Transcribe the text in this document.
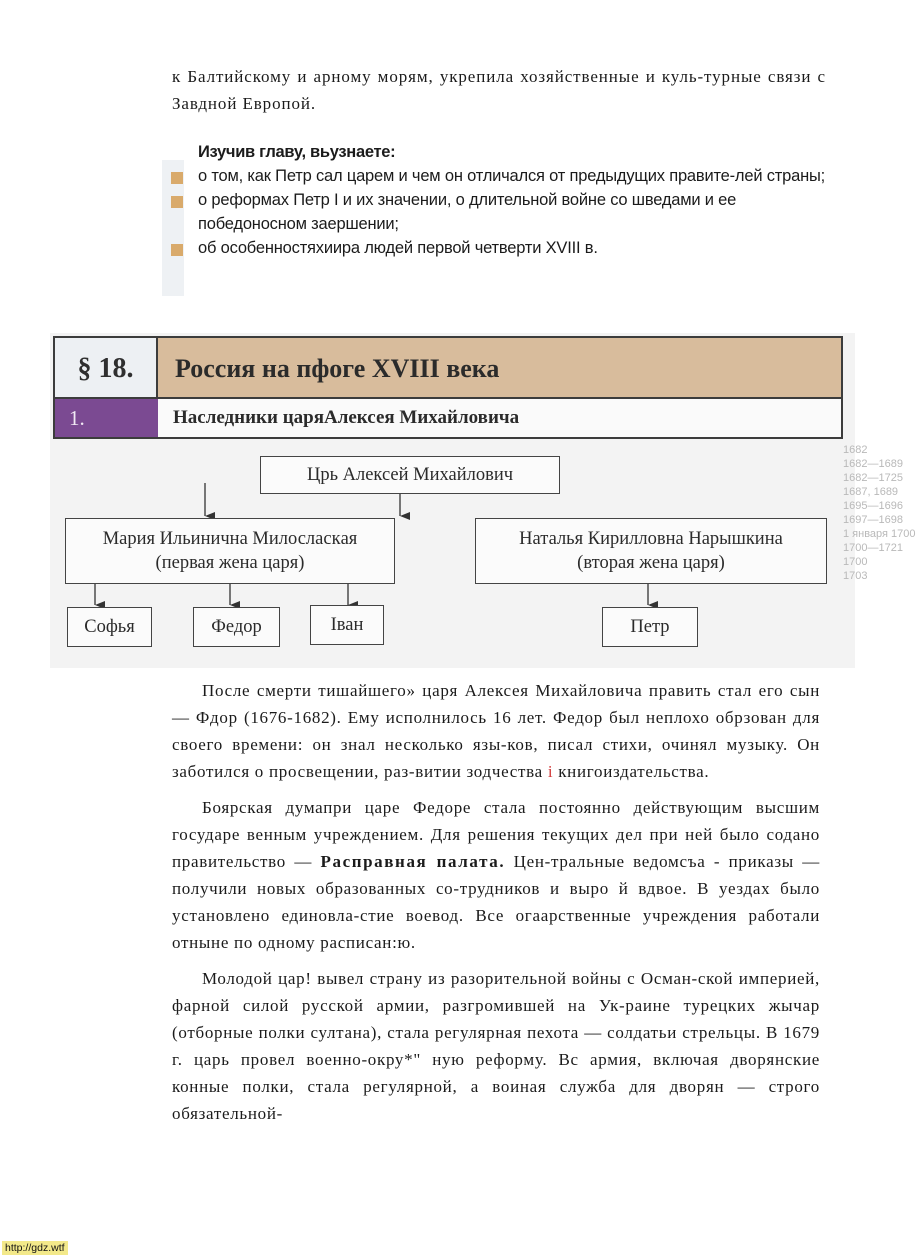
к Балтийскому и арному морям, укрепила хозяйственные и куль-турные связи с Завдной Европой.
Изучив главу, вьузнаете:
о том, как Петр сал царем и чем он отличался от предыдущих правите-лей страны;
о реформах Петр I и их значении, о длительной войне со шведами и ее победоносном заершении;
об особенностяхиира людей первой четверти XVIII в.
1682
1682—1689
1682—1725
1687, 1689
1695—1696
1697—1698
1 января 1700
1700—1721
1700
1703
§ 18.	Россия на пфоге XVIII века
1.	Наследники царяАлексея Михайловича
Црь Алексей Михайлович
Мария Ильинична Милосласкaя
(первая жена царя)
Наталья Кирилловна Нарышкина
(вторая жена царя)
Софья	Федор	Iван	Петр

После смерти тишайшего» царя Алексея Михайловича править стал его сын — Фдор (1676-1682). Ему исполнилось 16 лет. Федор был неплохо обрзован для своего времени: он знал несколько язы-ков, писал стихи, очинял музыку. Он заботился о просвещении, раз-витии зодчества i книгоиздательства.

Боярская думапри царе Федоре стала постоянно действующим высшим государе венным учреждением. Для решения текущих дел при ней было содано правительство — Расправная палата. Цен-тральные ведомсъа - приказы — получили новых образованных со-трудников и выро й вдвое. В уездах было установлено единовла-стие воевод. Все огаарственные учреждения работали отныне по одному расписан:ю.

Молодой цар! вывел страну из разорительной войны с Осман-ской империей, фарной силой русской армии, разгромившей на Ук-раине турецких жычар (отборные полки султана), стала регулярная пехота — солдатьи стрельцы. В 1679 г. царь провел военно-окру*" ную реформу. Вс армия, включая дворянские конные полки, стала регулярной, а воиная служба для дворян — строго обязательной-

http://gdz.wtf
